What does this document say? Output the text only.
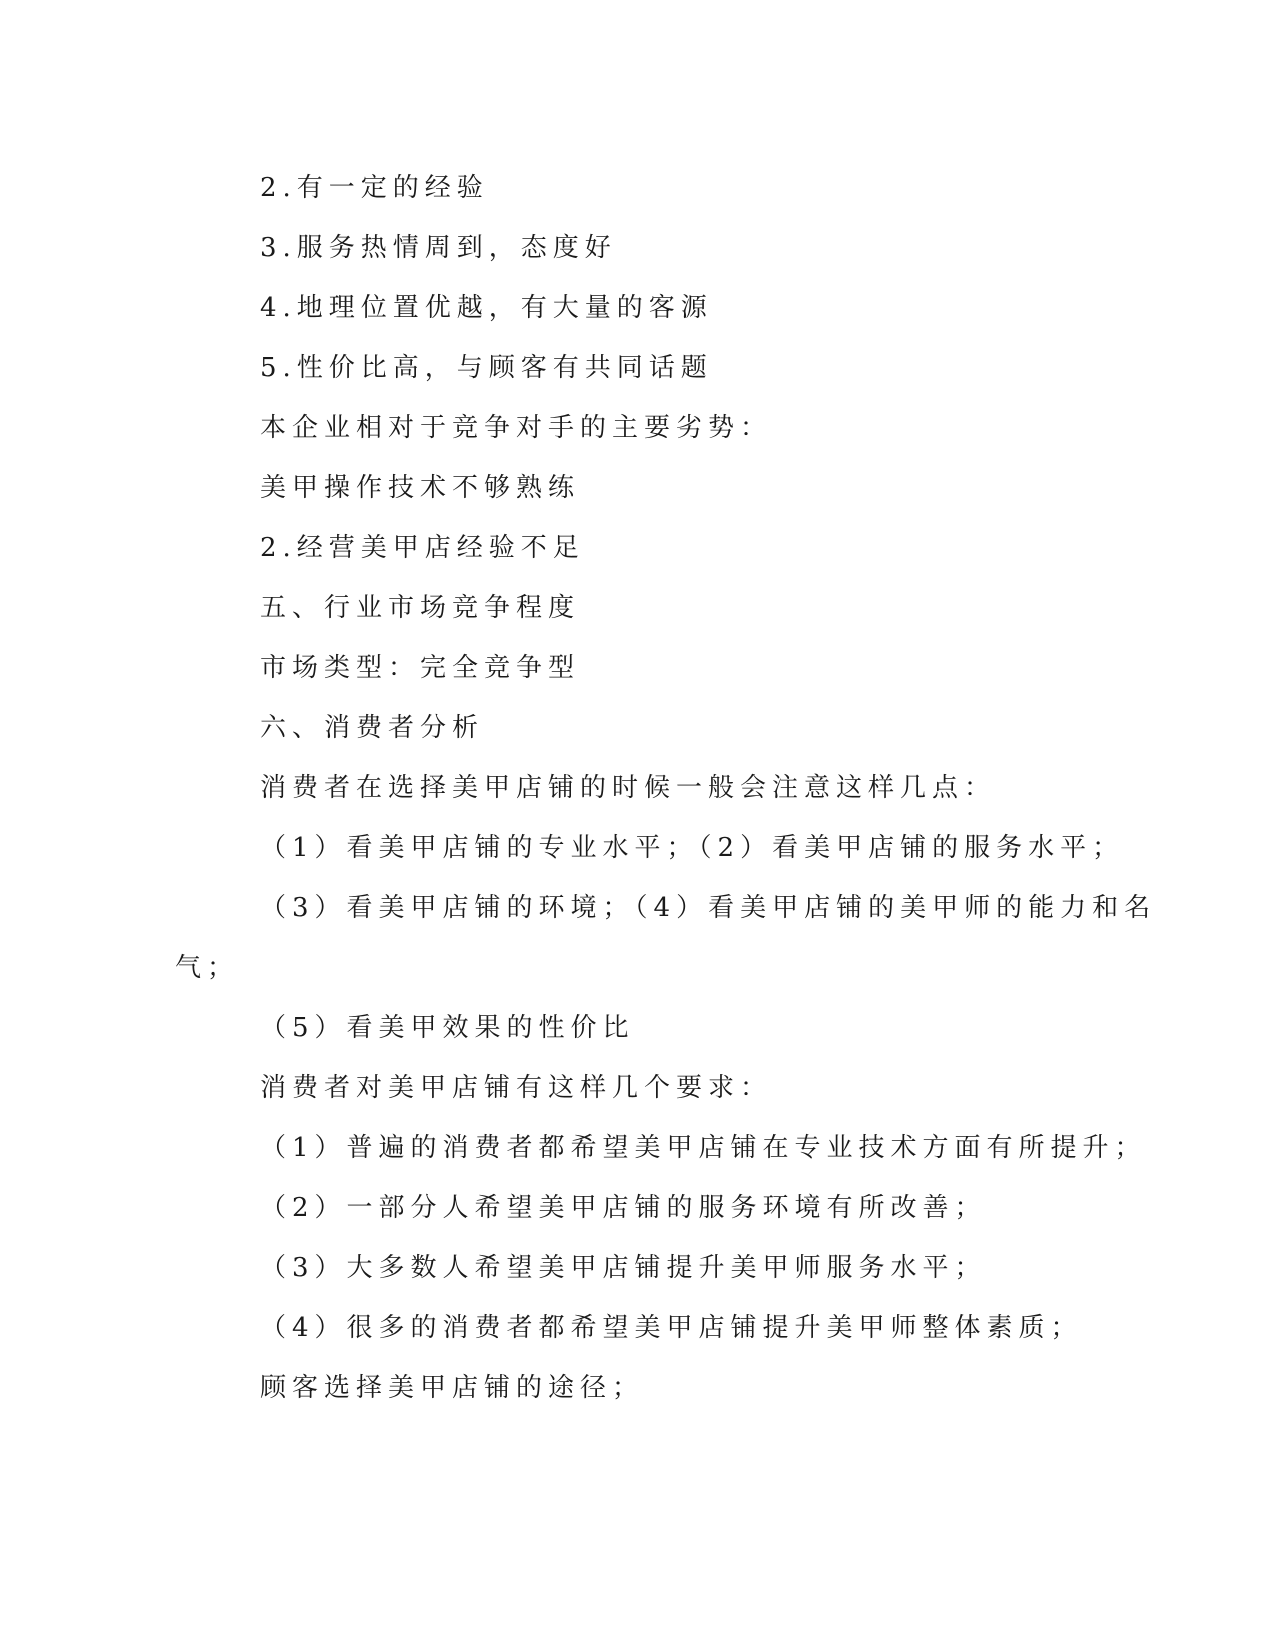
2.有一定的经验
3.服务热情周到，态度好
4.地理位置优越，有大量的客源
5.性价比高，与顾客有共同话题
本企业相对于竞争对手的主要劣势：
美甲操作技术不够熟练
2.经营美甲店经验不足
五、行业市场竞争程度
市场类型：完全竞争型
六、消费者分析
消费者在选择美甲店铺的时候一般会注意这样几点：
（1）看美甲店铺的专业水平；（2）看美甲店铺的服务水平；
（3）看美甲店铺的环境；（4）看美甲店铺的美甲师的能力和名
气；
（5）看美甲效果的性价比
消费者对美甲店铺有这样几个要求：
（1）普遍的消费者都希望美甲店铺在专业技术方面有所提升；
（2）一部分人希望美甲店铺的服务环境有所改善；
（3）大多数人希望美甲店铺提升美甲师服务水平；
（4）很多的消费者都希望美甲店铺提升美甲师整体素质；
顾客选择美甲店铺的途径；
